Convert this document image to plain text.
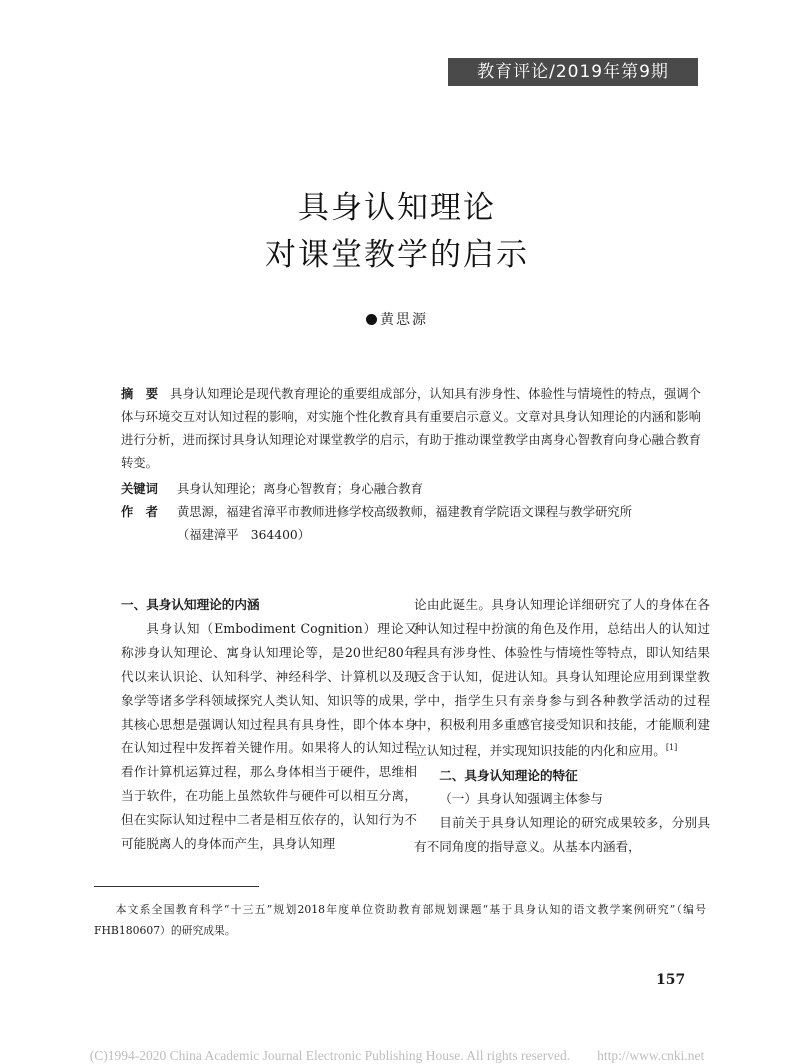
教育评论/2019年第9期
具身认知理论
对课堂教学的启示
黄思源
摘　要 具身认知理论是现代教育理论的重要组成部分，认知具有涉身性、体验性与情境性的特点，强调个体与环境交互对认知过程的影响，对实施个性化教育具有重要启示意义。文章对具身认知理论的内涵和影响进行分析，进而探讨具身认知理论对课堂教学的启示，有助于推动课堂教学由离身心智教育向身心融合教育转变。
关键词 具身认知理论；离身心智教育；身心融合教育
作　者 黄思源，福建省漳平市教师进修学校高级教师，福建教育学院语文课程与教学研究所
（福建漳平　364400）
一、具身认知理论的内涵
具身认知（Embodiment Cognition）理论又称涉身认知理论、寓身认知理论等，是20世纪80年代以来认识论、认知科学、神经科学、计算机以及现象学等诸多学科领域探究人类认知、知识等的成果，其核心思想是强调认知过程具有具身性，即个体本身在认知过程中发挥着关键作用。如果将人的认知过程看作计算机运算过程，那么身体相当于硬件，思维相当于软件，在功能上虽然软件与硬件可以相互分离，但在实际认知过程中二者是相互依存的，认知行为不可能脱离人的身体而产生，具身认知理
论由此诞生。具身认知理论详细研究了人的身体在各种认知过程中扮演的角色及作用，总结出人的认知过程具有涉身性、体验性与情境性等特点，即认知结果反含于认知，促进认知。具身认知理论应用到课堂教学中，指学生只有亲身参与到各种教学活动的过程中，积极利用多重感官接受知识和技能，才能顺利建立认知过程，并实现知识技能的内化和应用。[1]
二、具身认知理论的特征
（一）具身认知强调主体参与
目前关于具身认知理论的研究成果较多，分别具有不同角度的指导意义。从基本内涵看，
本文系全国教育科学“十三五”规划2018年度单位资助教育部规划课题“基于具身认知的语文教学案例研究”（编号FHB180607）的研究成果。
157
(C)1994-2020 China Academic Journal Electronic Publishing House. All rights reserved.　　http://www.cnki.net
